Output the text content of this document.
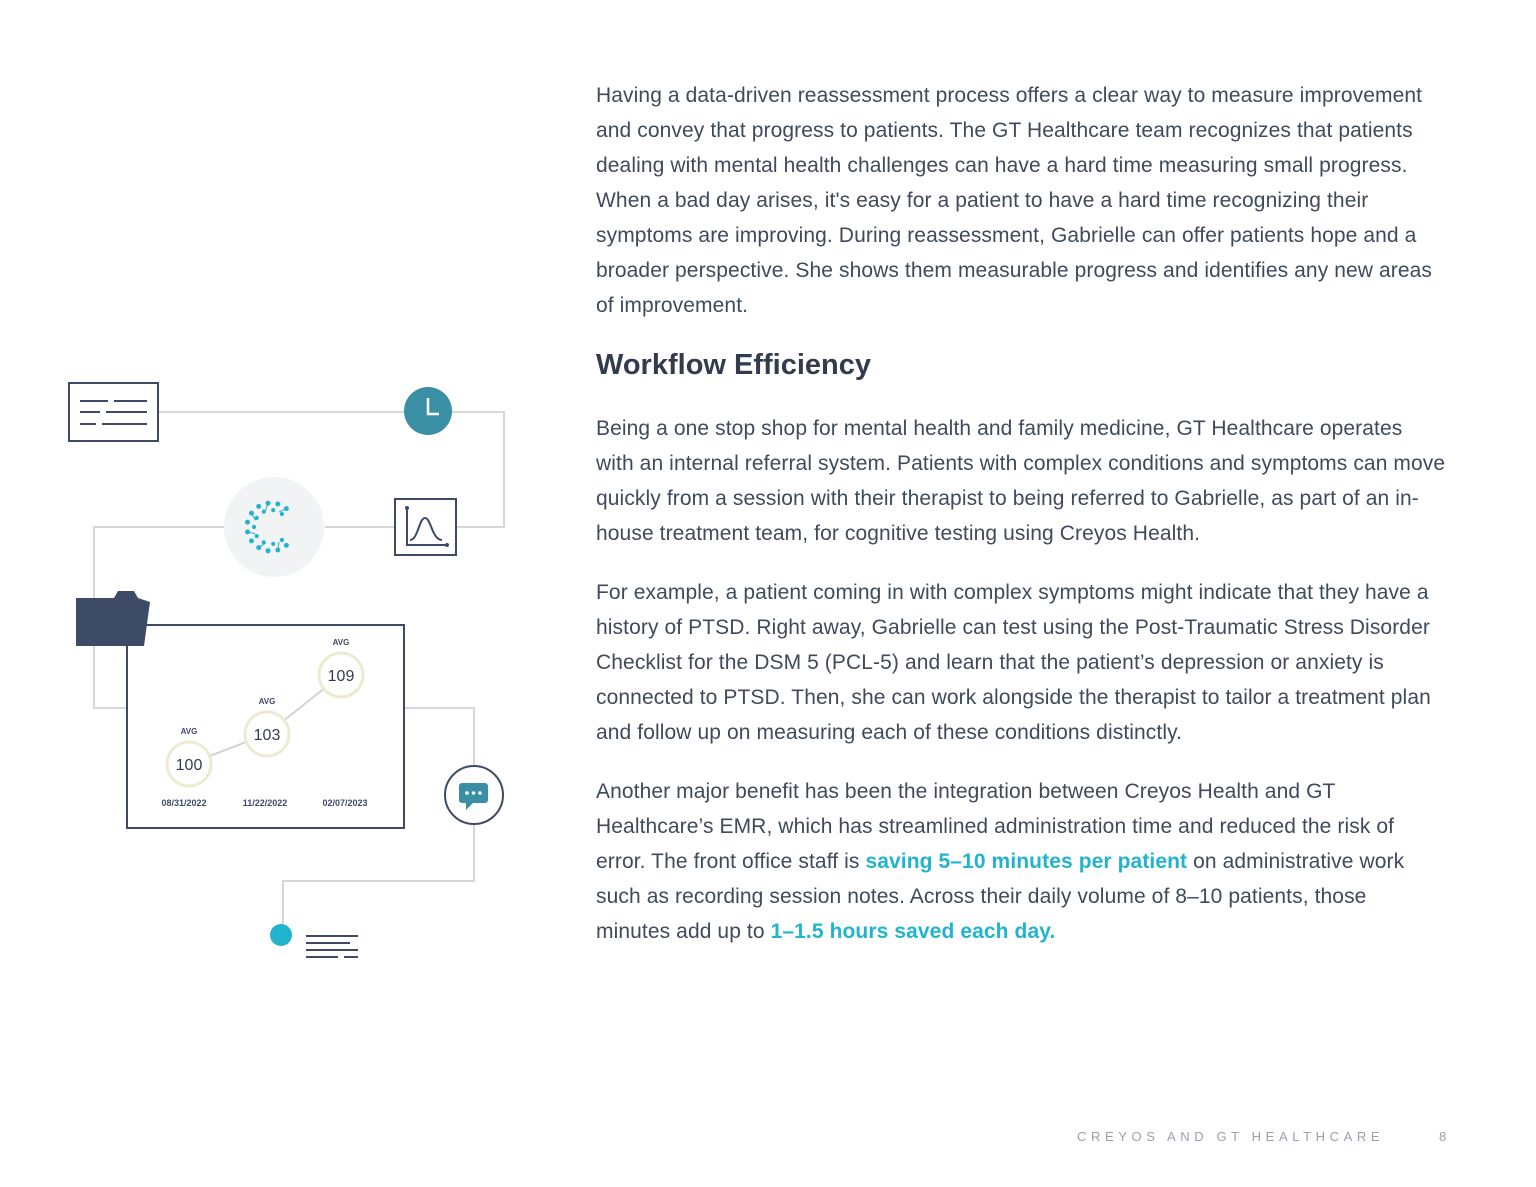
AVG
100
AVG
103
AVG
109
08/31/2022	11/22/2022	02/07/2023

Having a data-driven reassessment process offers a clear way to measure improvement and convey that progress to patients. The GT Healthcare team recognizes that patients dealing with mental health challenges can have a hard time measuring small progress. When a bad day arises, it's easy for a patient to have a hard time recognizing their symptoms are improving. During reassessment, Gabrielle can offer patients hope and a broader perspective. She shows them measurable progress and identifies any new areas of improvement.

Workflow Efficiency

Being a one stop shop for mental health and family medicine, GT Healthcare operates with an internal referral system. Patients with complex conditions and symptoms can move quickly from a session with their therapist to being referred to Gabrielle, as part of an in-house treatment team, for cognitive testing using Creyos Health.

For example, a patient coming in with complex symptoms might indicate that they have a history of PTSD. Right away, Gabrielle can test using the Post-Traumatic Stress Disorder Checklist for the DSM 5 (PCL-5) and learn that the patient’s depression or anxiety is connected to PTSD. Then, she can work alongside the therapist to tailor a treatment plan and follow up on measuring each of these conditions distinctly.

Another major benefit has been the integration between Creyos Health and GT Healthcare’s EMR, which has streamlined administration time and reduced the risk of error. The front office staff is saving 5–10 minutes per patient on administrative work such as recording session notes. Across their daily volume of 8–10 patients, those minutes add up to 1–1.5 hours saved each day.

CREYOS AND GT HEALTHCARE	8
